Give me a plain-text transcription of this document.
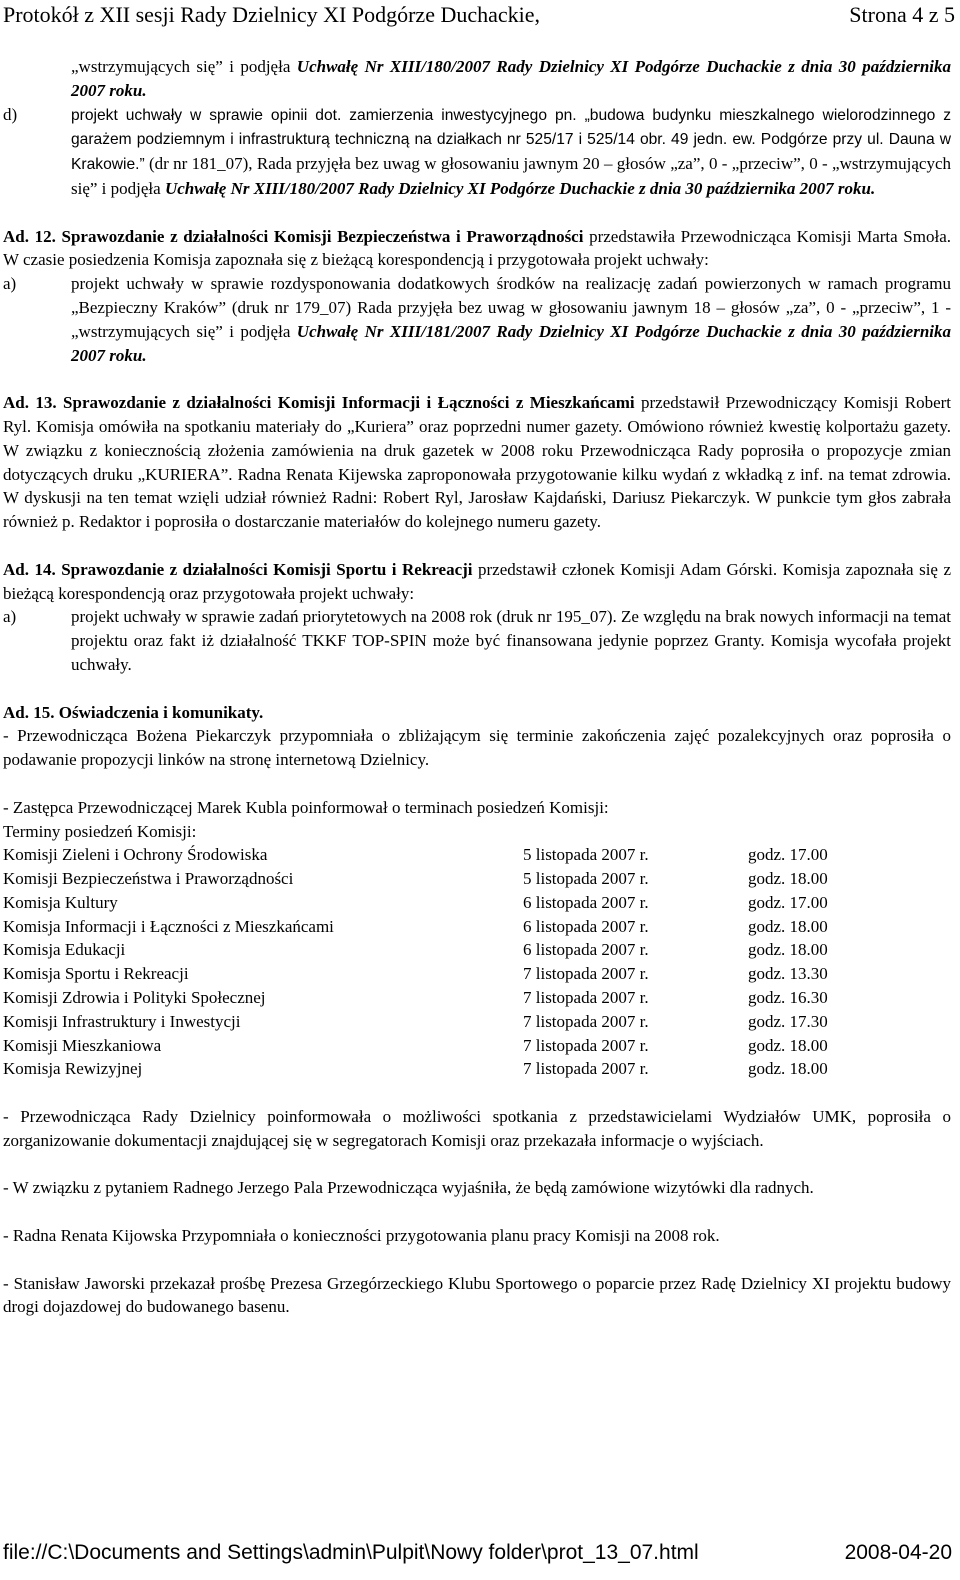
Protokół z XII sesji Rady Dzielnicy XI Podgórze Duchackie,	Strona 4 z 5

„wstrzymujących się” i podjęła Uchwałę Nr XIII/180/2007 Rady Dzielnicy XI Podgórze Duchackie z dnia 30 października 2007 roku.

d)	projekt uchwały w sprawie opinii dot. zamierzenia inwestycyjnego pn. „budowa budynku mieszkalnego wielorodzinnego z garażem podziemnym i infrastrukturą techniczną na działkach nr 525/17 i 525/14 obr. 49 jedn. ew. Podgórze przy ul. Dauna w Krakowie.” (dr nr 181_07), Rada przyjęła bez uwag w głosowaniu jawnym 20 – głosów „za”, 0 - „przeciw”, 0 - „wstrzymujących się” i podjęła Uchwałę Nr XIII/180/2007 Rady Dzielnicy XI Podgórze Duchackie z dnia 30 października 2007 roku.

Ad. 12. Sprawozdanie z działalności Komisji Bezpieczeństwa i Praworządności przedstawiła Przewodnicząca Komisji Marta Smoła. W czasie posiedzenia Komisja zapoznała się z bieżącą korespondencją i przygotowała projekt uchwały:

a)	projekt uchwały w sprawie rozdysponowania dodatkowych środków na realizację zadań powierzonych w ramach programu „Bezpieczny Kraków” (druk nr 179_07) Rada przyjęła bez uwag w głosowaniu jawnym 18 – głosów „za”, 0 - „przeciw”, 1 - „wstrzymujących się” i podjęła Uchwałę Nr XIII/181/2007 Rady Dzielnicy XI Podgórze Duchackie z dnia 30 października 2007 roku.

Ad. 13. Sprawozdanie z działalności Komisji Informacji i Łączności z Mieszkańcami przedstawił Przewodniczący Komisji Robert Ryl. Komisja omówiła na spotkaniu materiały do „Kuriera” oraz poprzedni numer gazety. Omówiono również kwestię kolportażu gazety. W związku z koniecznością złożenia zamówienia na druk gazetek w 2008 roku Przewodnicząca Rady poprosiła o propozycje zmian dotyczących druku „KURIERA”. Radna Renata Kijewska zaproponowała przygotowanie kilku wydań z wkładką z inf. na temat zdrowia. W dyskusji na ten temat wzięli udział również Radni: Robert Ryl, Jarosław Kajdański, Dariusz Piekarczyk. W punkcie tym głos zabrała również p. Redaktor i poprosiła o dostarczanie materiałów do kolejnego numeru gazety.

Ad. 14. Sprawozdanie z działalności Komisji Sportu i Rekreacji przedstawił członek Komisji Adam Górski. Komisja zapoznała się z bieżącą korespondencją oraz przygotowała projekt uchwały:

a)	projekt uchwały w sprawie zadań priorytetowych na 2008 rok (druk nr 195_07). Ze względu na brak nowych informacji na temat projektu oraz fakt iż działalność TKKF TOP-SPIN może być finansowana jedynie poprzez Granty. Komisja wycofała projekt uchwały.

Ad. 15. Oświadczenia i komunikaty.

- Przewodnicząca Bożena Piekarczyk przypomniała o zbliżającym się terminie zakończenia zajęć pozalekcyjnych oraz poprosiła o podawanie propozycji linków na stronę internetową Dzielnicy.

- Zastępca Przewodniczącej Marek Kubla poinformował o terminach posiedzeń Komisji:

Terminy posiedzeń Komisji:

Komisji Zieleni i Ochrony Środowiska	5 listopada 2007 r.	godz. 17.00
Komisji Bezpieczeństwa i Praworządności	5 listopada 2007 r.	godz. 18.00
Komisja Kultury	6 listopada 2007 r.	godz. 17.00
Komisja Informacji i Łączności z Mieszkańcami	6 listopada 2007 r.	godz. 18.00
Komisja Edukacji	6 listopada 2007 r.	godz. 18.00
Komisja Sportu i Rekreacji	7 listopada 2007 r.	godz. 13.30
Komisji Zdrowia i Polityki Społecznej	7 listopada 2007 r.	godz. 16.30
Komisji Infrastruktury i Inwestycji	7 listopada 2007 r.	godz. 17.30
Komisji Mieszkaniowa	7 listopada 2007 r.	godz. 18.00
Komisja Rewizyjnej	7 listopada 2007 r.	godz. 18.00

- Przewodnicząca Rady Dzielnicy poinformowała o możliwości spotkania z przedstawicielami Wydziałów UMK, poprosiła o zorganizowanie dokumentacji znajdującej się w segregatorach Komisji oraz przekazała informacje o wyjściach.

- W związku z pytaniem Radnego Jerzego Pala Przewodnicząca wyjaśniła, że będą zamówione wizytówki dla radnych.

- Radna Renata Kijowska Przypomniała o konieczności przygotowania planu pracy Komisji na 2008 rok.

- Stanisław Jaworski przekazał prośbę Prezesa Grzegórzeckiego Klubu Sportowego o poparcie przez Radę Dzielnicy XI projektu budowy drogi dojazdowej do budowanego basenu.

file://C:\Documents and Settings\admin\Pulpit\Nowy folder\prot_13_07.html	2008-04-20
